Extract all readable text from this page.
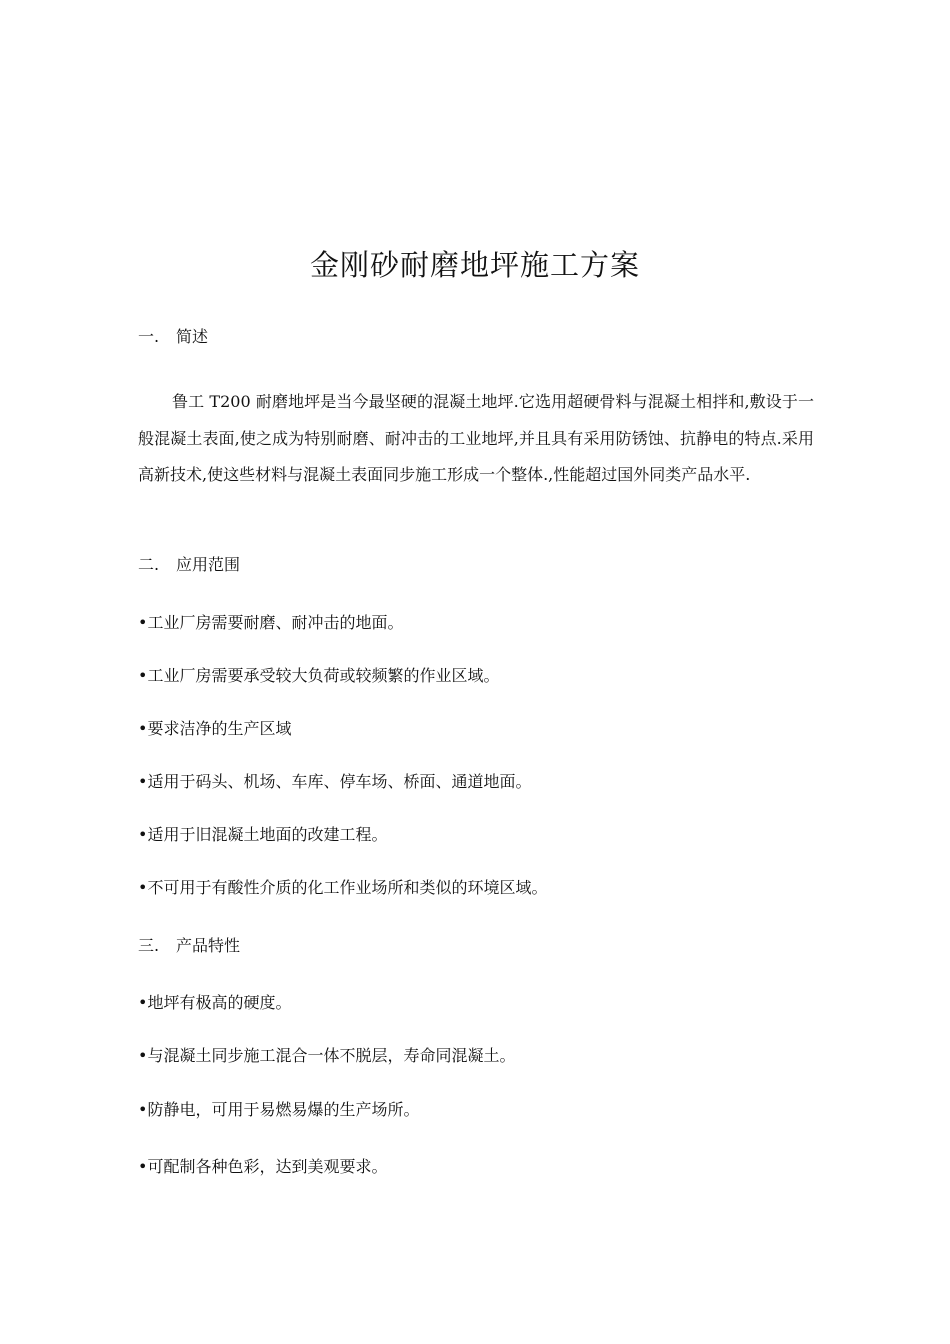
金刚砂耐磨地坪施工方案
一. 简述
鲁工 T200 耐磨地坪是当今最坚硬的混凝土地坪.它选用超硬骨料与混凝土相拌和,敷设于一般混凝土表面,使之成为特别耐磨、耐冲击的工业地坪,并且具有采用防锈蚀、抗静电的特点.采用高新技术,使这些材料与混凝土表面同步施工形成一个整体.,性能超过国外同类产品水平.
二. 应用范围
•工业厂房需要耐磨、耐冲击的地面。
•工业厂房需要承受较大负荷或较频繁的作业区域。
•要求洁净的生产区域
•适用于码头、机场、车库、停车场、桥面、通道地面。
•适用于旧混凝土地面的改建工程。
•不可用于有酸性介质的化工作业场所和类似的环境区域。
三. 产品特性
•地坪有极高的硬度。
•与混凝土同步施工混合一体不脱层，寿命同混凝土。
•防静电，可用于易燃易爆的生产场所。
•可配制各种色彩，达到美观要求。
